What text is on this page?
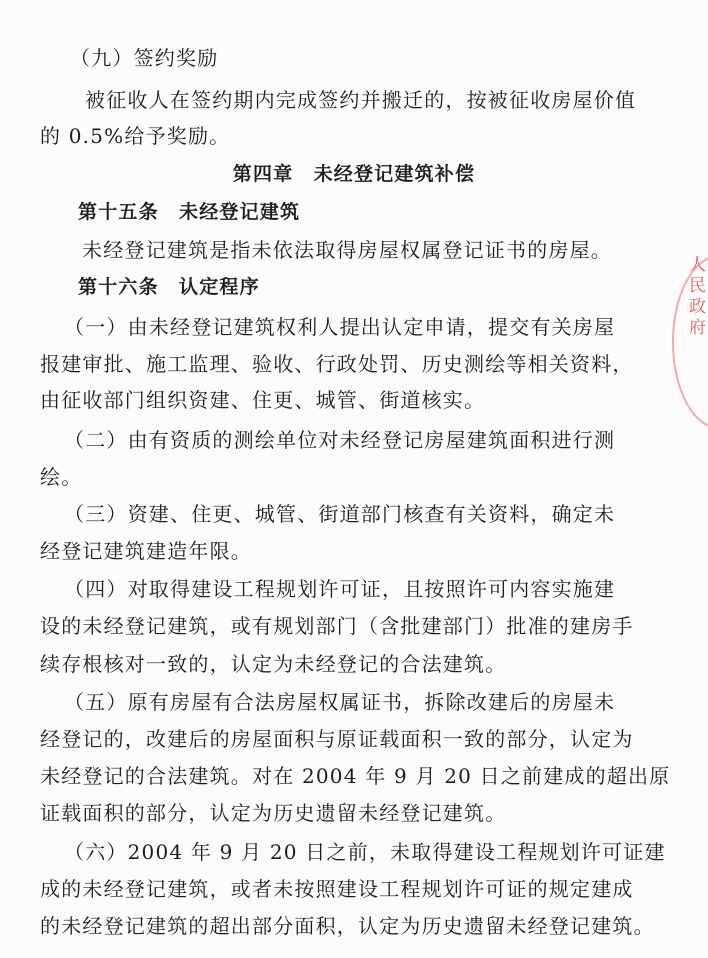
（九）签约奖励
被征收人在签约期内完成签约并搬迁的，按被征收房屋价值
的 0.5%给予奖励。
第四章　未经登记建筑补偿
第十五条　未经登记建筑
未经登记建筑是指未依法取得房屋权属登记证书的房屋。
第十六条　认定程序
（一）由未经登记建筑权利人提出认定申请，提交有关房屋
报建审批、施工监理、验收、行政处罚、历史测绘等相关资料，
由征收部门组织资建、住更、城管、街道核实。
（二）由有资质的测绘单位对未经登记房屋建筑面积进行测
绘。
（三）资建、住更、城管、街道部门核查有关资料，确定未
经登记建筑建造年限。
（四）对取得建设工程规划许可证，且按照许可内容实施建
设的未经登记建筑，或有规划部门（含批建部门）批准的建房手
续存根核对一致的，认定为未经登记的合法建筑。
（五）原有房屋有合法房屋权属证书，拆除改建后的房屋未
经登记的，改建后的房屋面积与原证载面积一致的部分，认定为
未经登记的合法建筑。对在 2004 年 9 月 20 日之前建成的超出原
证载面积的部分，认定为历史遗留未经登记建筑。
（六）2004 年 9 月 20 日之前，未取得建设工程规划许可证建
成的未经登记建筑，或者未按照建设工程规划许可证的规定建成
的未经登记建筑的超出部分面积，认定为历史遗留未经登记建筑。
人民政府
